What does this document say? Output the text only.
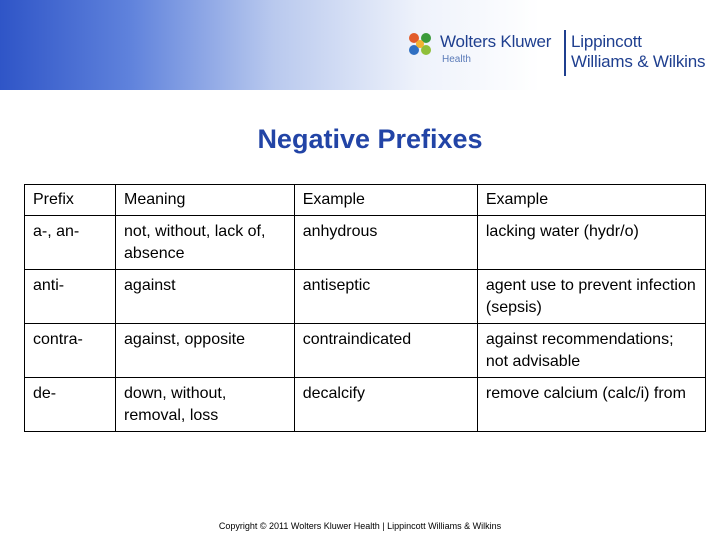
Wolters Kluwer
Health
Lippincott
Williams & Wilkins
Negative Prefixes
Prefix	Meaning	Example	Example
a-, an-	not, without, lack of, absence	anhydrous	lacking water (hydr/o)
anti-	against	antiseptic	agent use to prevent infection (sepsis)
contra-	against, opposite	contraindicated	against recommendations; not advisable
de-	down, without, removal, loss	decalcify	remove calcium (calc/i) from
Copyright © 2011 Wolters Kluwer Health | Lippincott Williams & Wilkins
